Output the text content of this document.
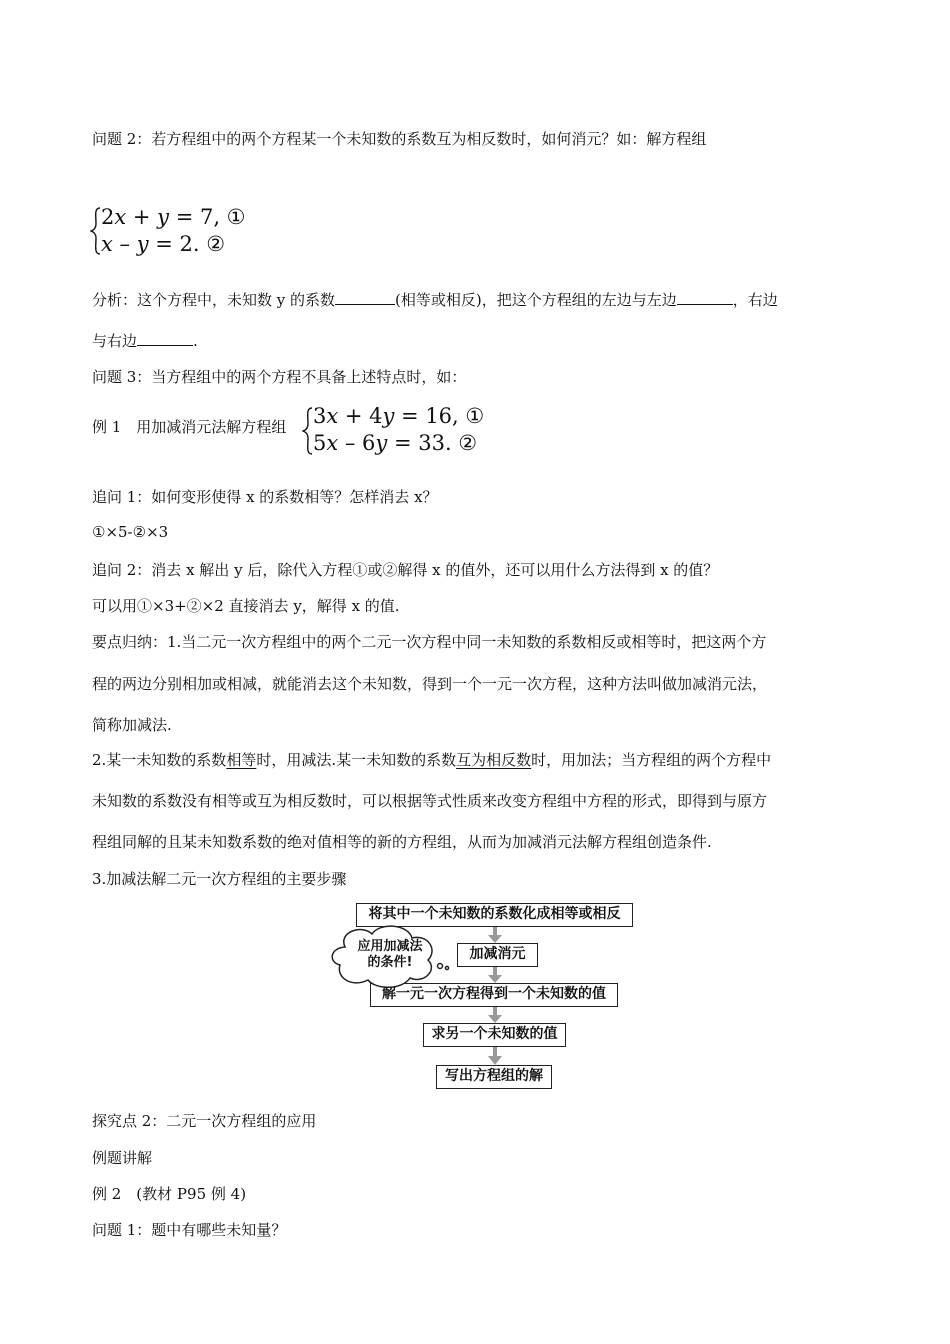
问题 2：若方程组中的两个方程某一个未知数的系数互为相反数时，如何消元？如：解方程组
2𝑥 + 𝑦 = 7, ①
𝑥 – 𝑦 = 2. ②
分析：这个方程中，未知数 y 的系数	(相等或相反)，把这个方程组的左边与左边	，右边
与右边	.
问题 3：当方程组中的两个方程不具备上述特点时，如：
例 1　用加减消元法解方程组 3𝑥 + 4𝑦 = 16, ①
5𝑥 – 6𝑦 = 33. ②
追问 1：如何变形使得 x 的系数相等？怎样消去 x？
①×5-②×3
追问 2：消去 x 解出 y 后，除代入方程①或②解得 x 的值外，还可以用什么方法得到 x 的值？
可以用①×3+②×2 直接消去 y，解得 x 的值.
要点归纳：1.当二元一次方程组中的两个二元一次方程中同一未知数的系数相反或相等时，把这两个方
程的两边分别相加或相减，就能消去这个未知数，得到一个一元一次方程，这种方法叫做加减消元法，
简称加减法.
2.某一未知数的系数相等时，用减法.某一未知数的系数互为相反数时，用加法；当方程组的两个方程中
未知数的系数没有相等或互为相反数时，可以根据等式性质来改变方程组中方程的形式，即得到与原方
程组同解的且某未知数系数的绝对值相等的新的方程组，从而为加减消元法解方程组创造条件.
3.加减法解二元一次方程组的主要步骤
将其中一个未知数的系数化成相等或相反
加减消元
解一元一次方程得到一个未知数的值
求另一个未知数的值
写出方程组的解
应用加减法
的条件!
探究点 2：二元一次方程组的应用
例题讲解
例 2　(教材 P95 例 4)
问题 1：题中有哪些未知量？
